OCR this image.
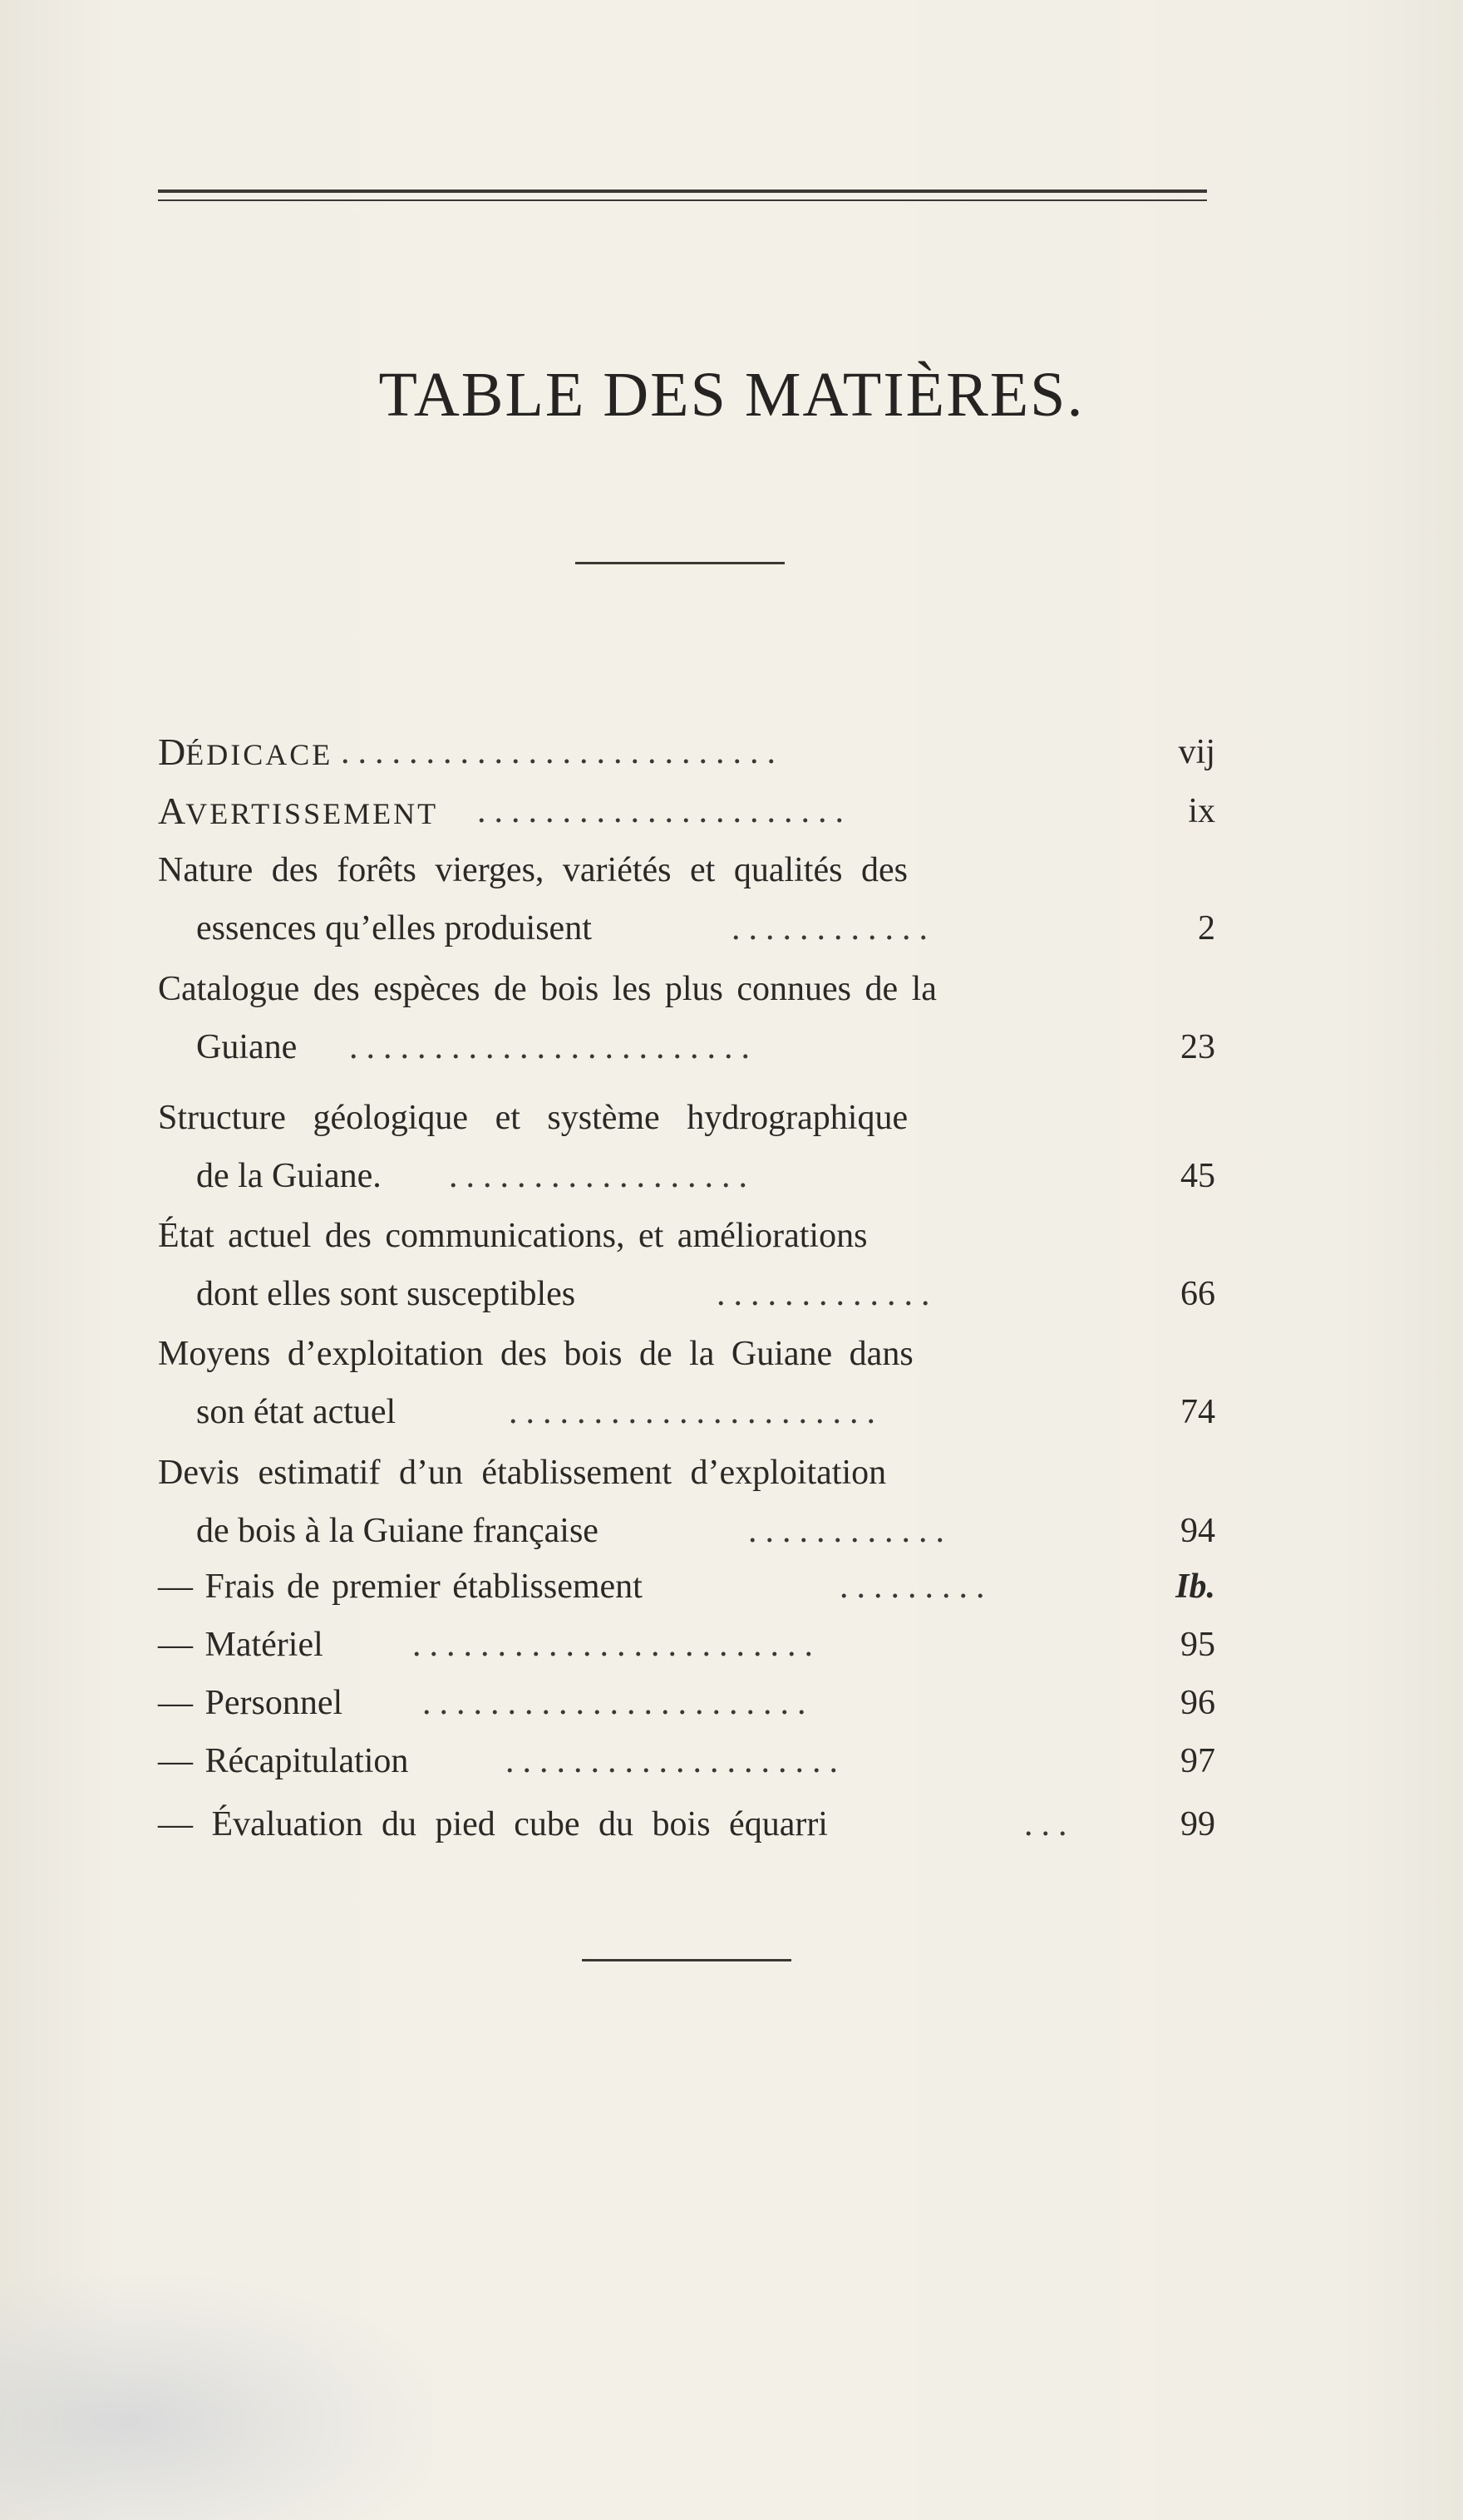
TABLE DES MATIÈRES.
DÉDICACE ..........................	vij
AVERTISSEMENT ......................	ix
Nature des forêts vierges, variétés et qualités des
essences qu’elles produisent	............	2
Catalogue des espèces de bois les plus connues de la
Guiane ........................	23
Structure géologique et système hydrographique
de la Guiane. ..................	45
État actuel des communications, et améliorations
dont elles sont susceptibles	.............	66
Moyens d’exploitation des bois de la Guiane dans
son état actuel	......................	74
Devis estimatif d’un établissement d’exploitation
de bois à la Guiane française	............	94
— Frais de premier établissement	.........	Ib.
— Matériel	........................	95
— Personnel .......................	96
— Récapitulation	....................	97
— Évaluation du pied cube du bois équarri	...	99
